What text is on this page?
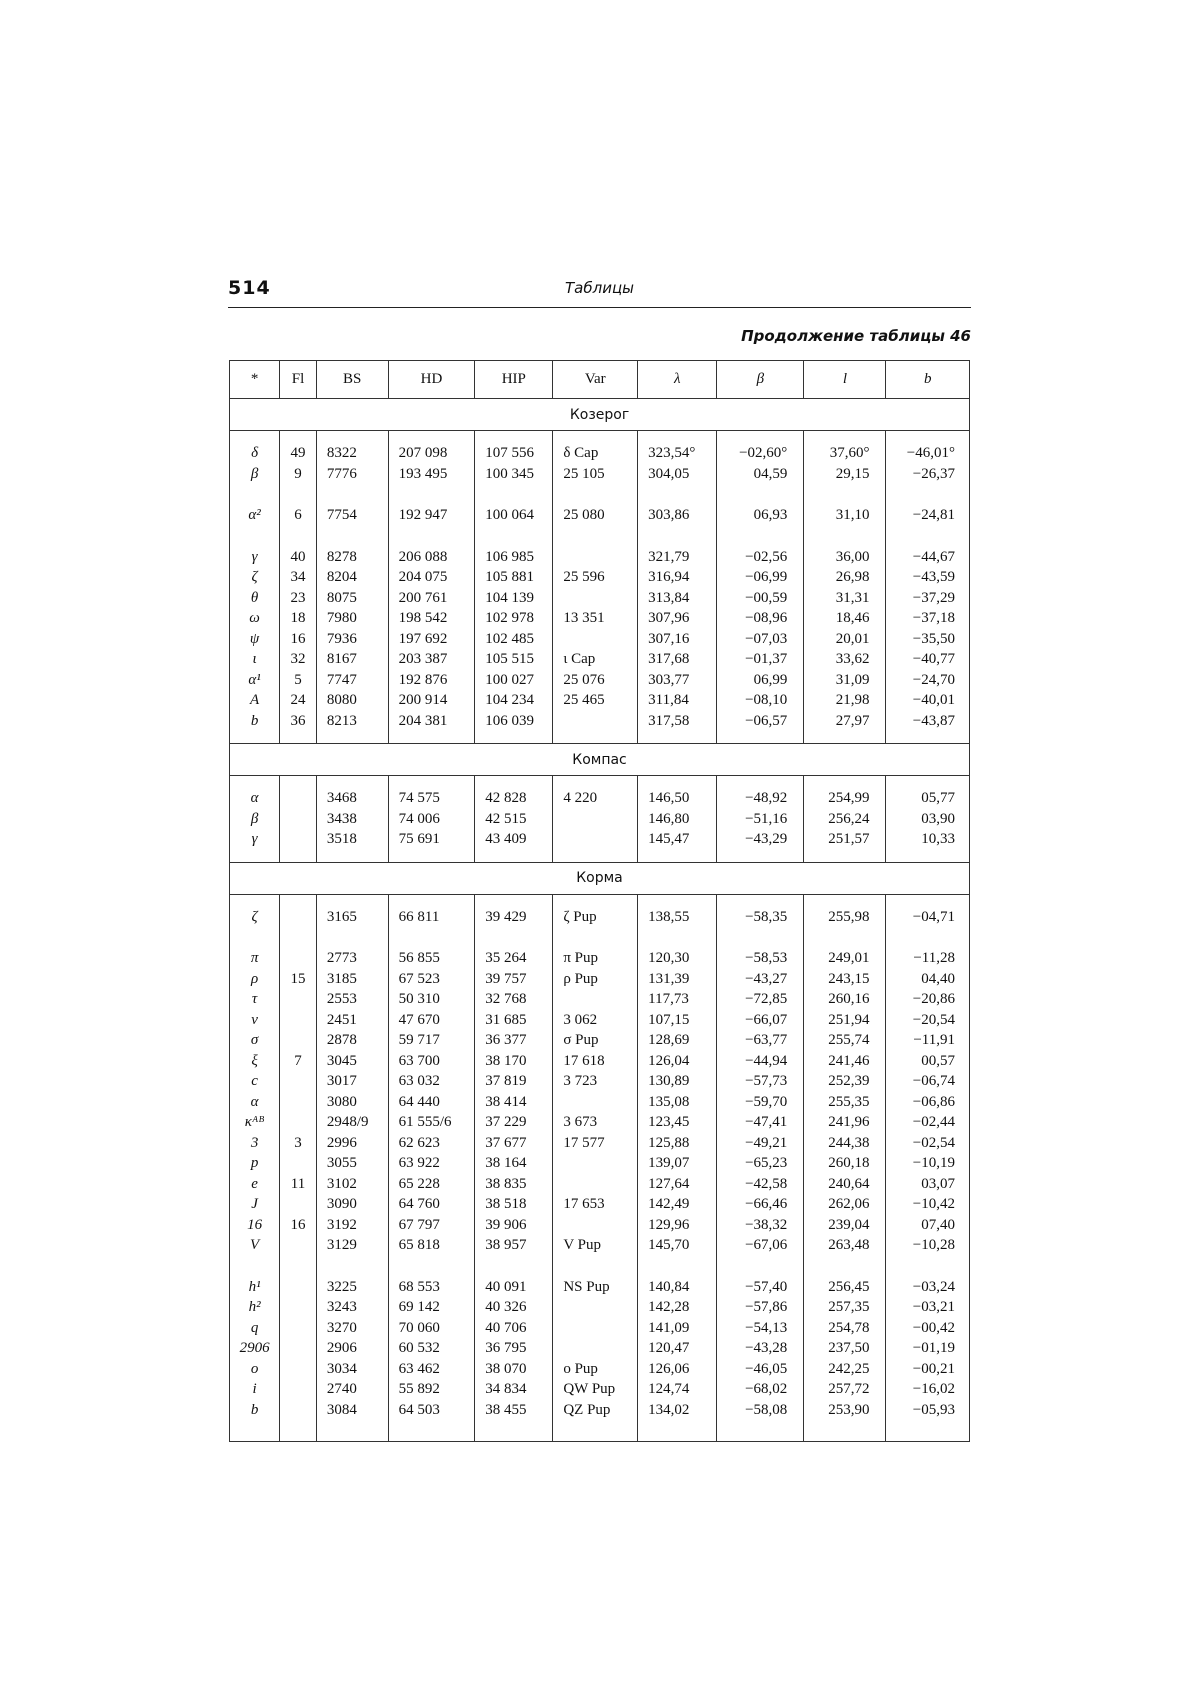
514	Таблицы
Продолжение таблицы 46
*	Fl	BS	HD	HIP	Var	λ	β	l	b
Козерог									

δ	49	8322	207 098	107 556	δ Cap	323,54°	−02,60°	37,60°	−46,01°
β	9	7776	193 495	100 345	25 105	304,05	04,59	29,15	−26,37

α²	6	7754	192 947	100 064	25 080	303,86	06,93	31,10	−24,81

γ	40	8278	206 088	106 985		321,79	−02,56	36,00	−44,67
ζ	34	8204	204 075	105 881	25 596	316,94	−06,99	26,98	−43,59
θ	23	8075	200 761	104 139		313,84	−00,59	31,31	−37,29
ω	18	7980	198 542	102 978	13 351	307,96	−08,96	18,46	−37,18
ψ	16	7936	197 692	102 485		307,16	−07,03	20,01	−35,50
ι	32	8167	203 387	105 515	ι Cap	317,68	−01,37	33,62	−40,77
α¹	5	7747	192 876	100 027	25 076	303,77	06,99	31,09	−24,70
A	24	8080	200 914	104 234	25 465	311,84	−08,10	21,98	−40,01
b	36	8213	204 381	106 039		317,58	−06,57	27,97	−43,87

Компас									

α		3468	74 575	42 828	4 220	146,50	−48,92	254,99	05,77
β		3438	74 006	42 515		146,80	−51,16	256,24	03,90
γ		3518	75 691	43 409		145,47	−43,29	251,57	10,33

Корма									

ζ		3165	66 811	39 429	ζ Pup	138,55	−58,35	255,98	−04,71

π		2773	56 855	35 264	π Pup	120,30	−58,53	249,01	−11,28
ρ	15	3185	67 523	39 757	ρ Pup	131,39	−43,27	243,15	04,40
τ		2553	50 310	32 768		117,73	−72,85	260,16	−20,86
ν		2451	47 670	31 685	3 062	107,15	−66,07	251,94	−20,54
σ		2878	59 717	36 377	σ Pup	128,69	−63,77	255,74	−11,91
ξ	7	3045	63 700	38 170	17 618	126,04	−44,94	241,46	00,57
c		3017	63 032	37 819	3 723	130,89	−57,73	252,39	−06,74
α		3080	64 440	38 414		135,08	−59,70	255,35	−06,86
κᴬᴮ		2948/9	61 555/6	37 229	3 673	123,45	−47,41	241,96	−02,44
3	3	2996	62 623	37 677	17 577	125,88	−49,21	244,38	−02,54
p		3055	63 922	38 164		139,07	−65,23	260,18	−10,19
e	11	3102	65 228	38 835		127,64	−42,58	240,64	03,07
J		3090	64 760	38 518	17 653	142,49	−66,46	262,06	−10,42
16	16	3192	67 797	39 906		129,96	−38,32	239,04	07,40
V		3129	65 818	38 957	V Pup	145,70	−67,06	263,48	−10,28

h¹		3225	68 553	40 091	NS Pup	140,84	−57,40	256,45	−03,24
h²		3243	69 142	40 326		142,28	−57,86	257,35	−03,21
q		3270	70 060	40 706		141,09	−54,13	254,78	−00,42
2906		2906	60 532	36 795		120,47	−43,28	237,50	−01,19
o		3034	63 462	38 070	o Pup	126,06	−46,05	242,25	−00,21
i		2740	55 892	34 834	QW Pup	124,74	−68,02	257,72	−16,02
b		3084	64 503	38 455	QZ Pup	134,02	−58,08	253,90	−05,93
